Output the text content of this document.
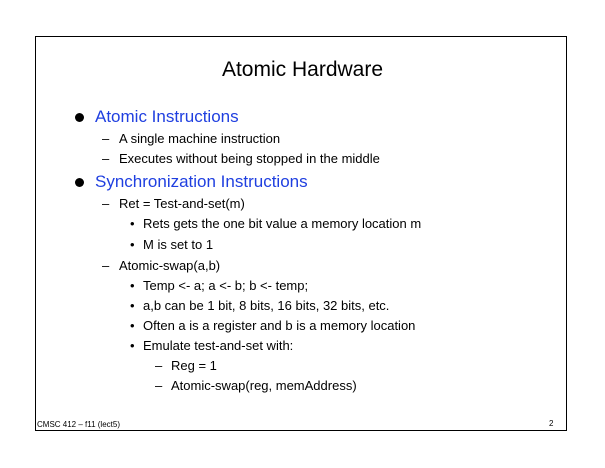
Atomic Hardware
Atomic Instructions
– A single machine instruction
– Executes without being stopped in the middle
Synchronization Instructions
– Ret = Test-and-set(m)
• Rets gets the one bit value a memory location m
• M is set to 1
– Atomic-swap(a,b)
• Temp <- a; a <- b; b <- temp;
• a,b can be 1 bit, 8 bits, 16 bits, 32 bits, etc.
• Often a is a register and b is a memory location
• Emulate test-and-set with:
– Reg = 1
– Atomic-swap(reg, memAddress)
CMSC 412 – f11 (lect5)	2
